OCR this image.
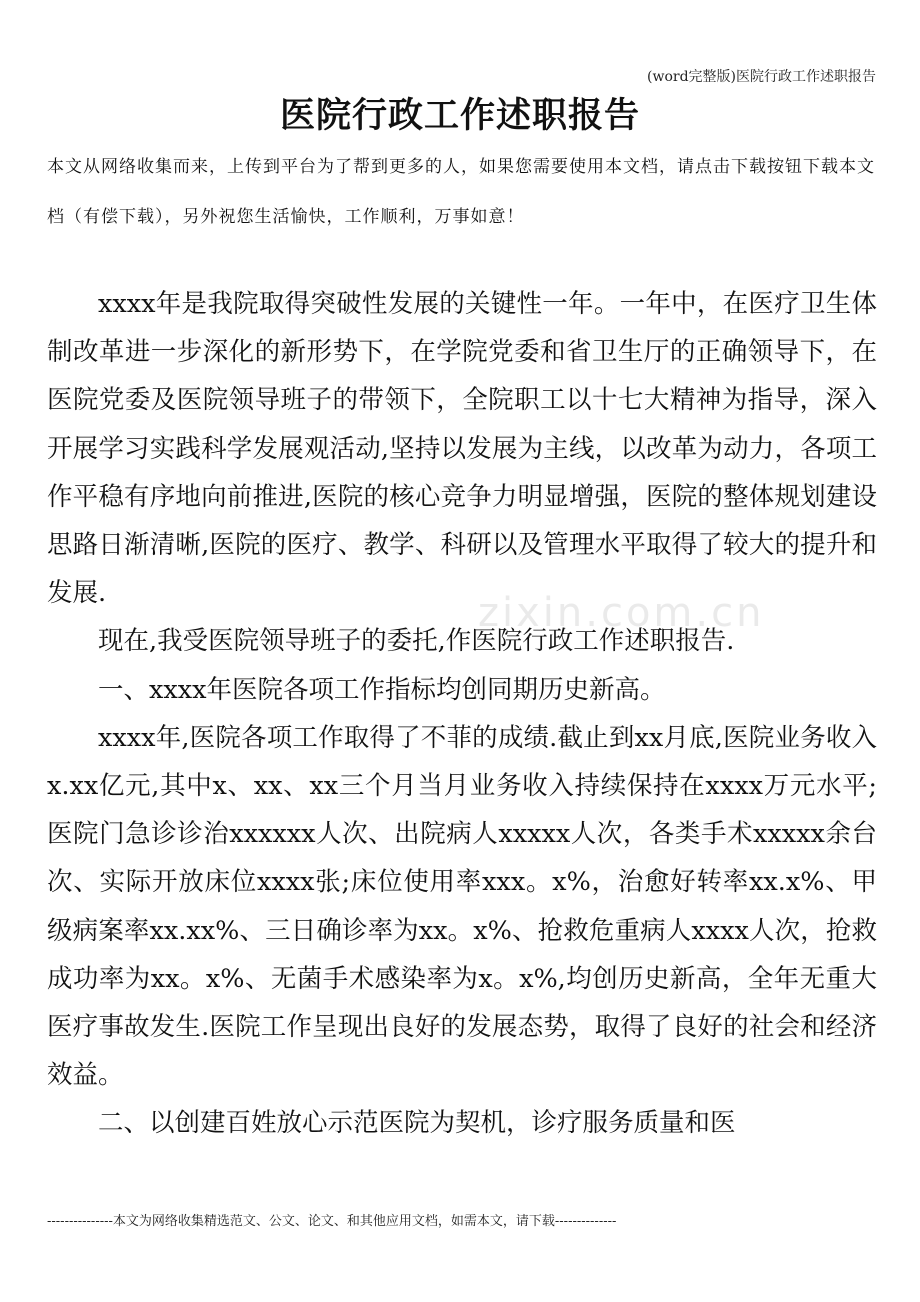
(word完整版)医院行政工作述职报告
医院行政工作述职报告
本文从网络收集而来，上传到平台为了帮到更多的人，如果您需要使用本文档，请点击下载按钮下载本文档（有偿下载），另外祝您生活愉快，工作顺利，万事如意！
zixin.com.cn

xxxx年是我院取得突破性发展的关键性一年。一年中，在医疗卫生体制改革进一步深化的新形势下，在学院党委和省卫生厅的正确领导下，在医院党委及医院领导班子的带领下，全院职工以十七大精神为指导，深入开展学习实践科学发展观活动,坚持以发展为主线，以改革为动力，各项工作平稳有序地向前推进,医院的核心竞争力明显增强，医院的整体规划建设思路日渐清晰,医院的医疗、教学、科研以及管理水平取得了较大的提升和发展.

现在,我受医院领导班子的委托,作医院行政工作述职报告.

一、xxxx年医院各项工作指标均创同期历史新高。

xxxx年,医院各项工作取得了不菲的成绩.截止到xx月底,医院业务收入x.xx亿元,其中x、xx、xx三个月当月业务收入持续保持在xxxx万元水平;医院门急诊诊治xxxxxx人次、出院病人xxxxx人次，各类手术xxxxx余台次、实际开放床位xxxx张;床位使用率xxx。x%，治愈好转率xx.x%、甲级病案率xx.xx%、三日确诊率为xx。x%、抢救危重病人xxxx人次，抢救成功率为xx。x%、无菌手术感染率为x。x%,均创历史新高，全年无重大医疗事故发生.医院工作呈现出良好的发展态势，取得了良好的社会和经济效益。

二、以创建百姓放心示范医院为契机，诊疗服务质量和医

---------------本文为网络收集精选范文、公文、论文、和其他应用文档，如需本文，请下载--------------
